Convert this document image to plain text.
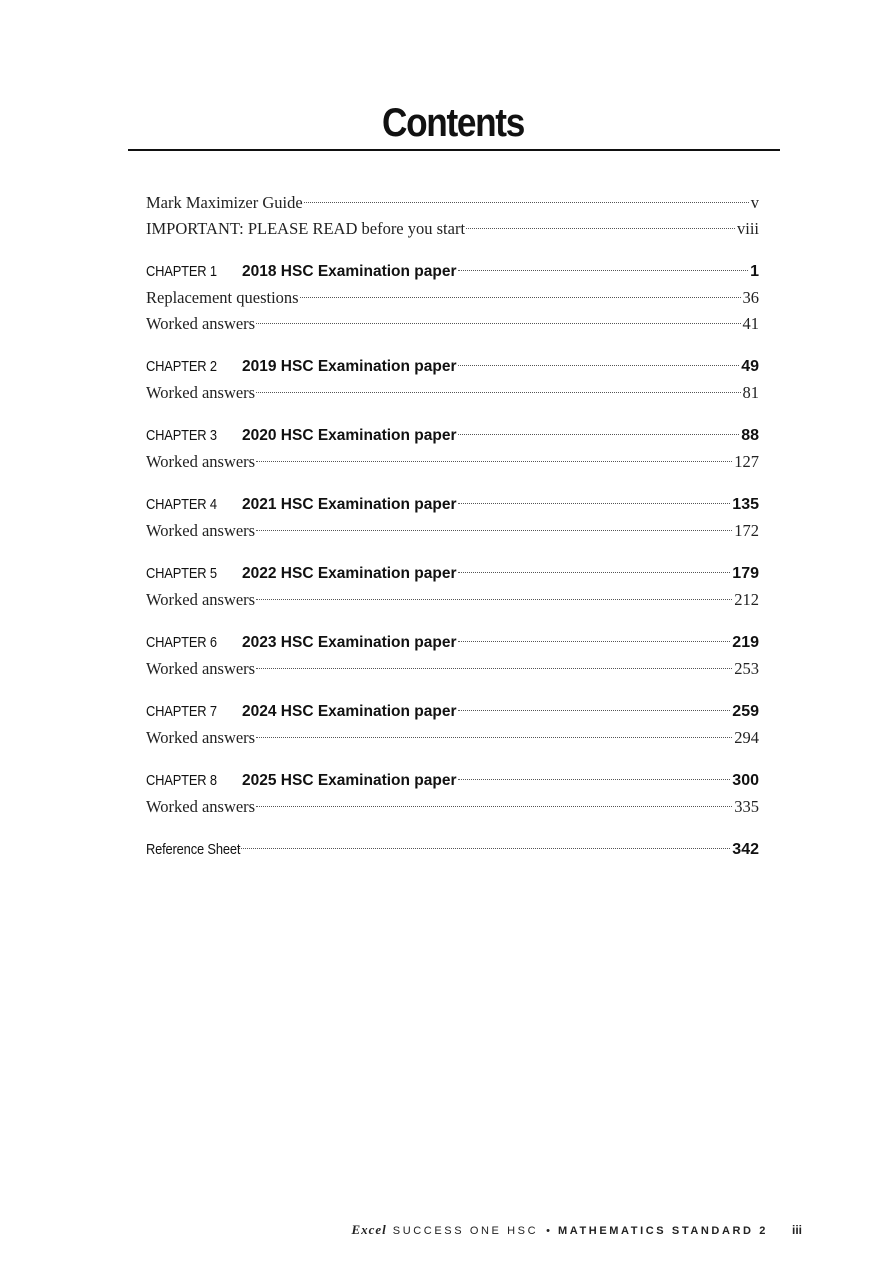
Contents
Mark Maximizer Guide	v
IMPORTANT: PLEASE READ before you start	viii
CHAPTER 1	2018 HSC Examination paper	1
Replacement questions	36
Worked answers	41
CHAPTER 2	2019 HSC Examination paper	49
Worked answers	81
CHAPTER 3	2020 HSC Examination paper	88
Worked answers	127
CHAPTER 4	2021 HSC Examination paper	135
Worked answers	172
CHAPTER 5	2022 HSC Examination paper	179
Worked answers	212
CHAPTER 6	2023 HSC Examination paper	219
Worked answers	253
CHAPTER 7	2024 HSC Examination paper	259
Worked answers	294
CHAPTER 8	2025 HSC Examination paper	300
Worked answers	335
Reference Sheet	342
Excel SUCCESS ONE HSC • MATHEMATICS STANDARD 2 iii
